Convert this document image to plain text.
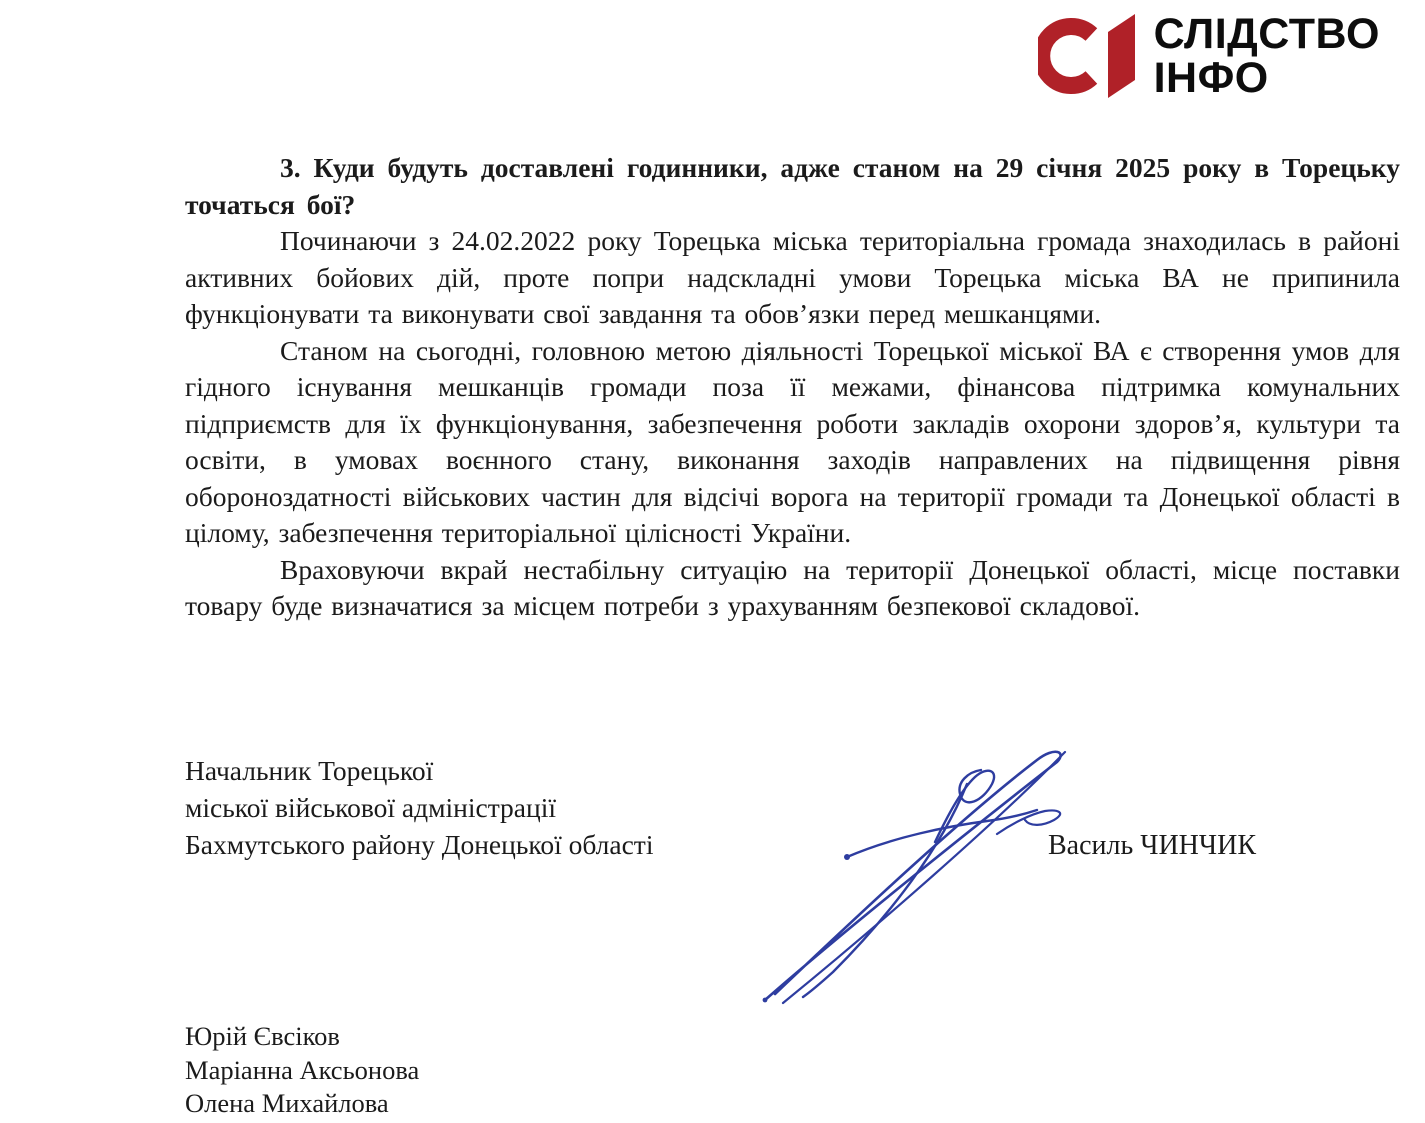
СЛІДСТВО
ІНФО

3. Куди будуть доставлені годинники, адже станом на 29 січня 2025 року в Торецьку точаться бої?

Починаючи з 24.02.2022 року Торецька міська територіальна громада знаходилась в районі активних бойових дій, проте попри надскладні умови Торецька міська ВА не припинила функціонувати та виконувати свої завдання та обов’язки перед мешканцями.

Станом на сьогодні, головною метою діяльності Торецької міської ВА є створення умов для гідного існування мешканців громади поза її межами, фінансова підтримка комунальних підприємств для їх функціонування, забезпечення роботи закладів охорони здоров’я, культури та освіти, в умовах воєнного стану, виконання заходів направлених на підвищення рівня обороноздатності військових частин для відсічі ворога на території громади та Донецької області в цілому, забезпечення територіальної цілісності України.

Враховуючи вкрай нестабільну ситуацію на території Донецької області, місце поставки товару буде визначатися за місцем потреби з урахуванням безпекової складової.

Начальник Торецької
міської військової адміністрації
Бахмутського району Донецької області	Василь ЧИНЧИК
Юрій Євсіков
Маріанна Аксьонова
Олена Михайлова
